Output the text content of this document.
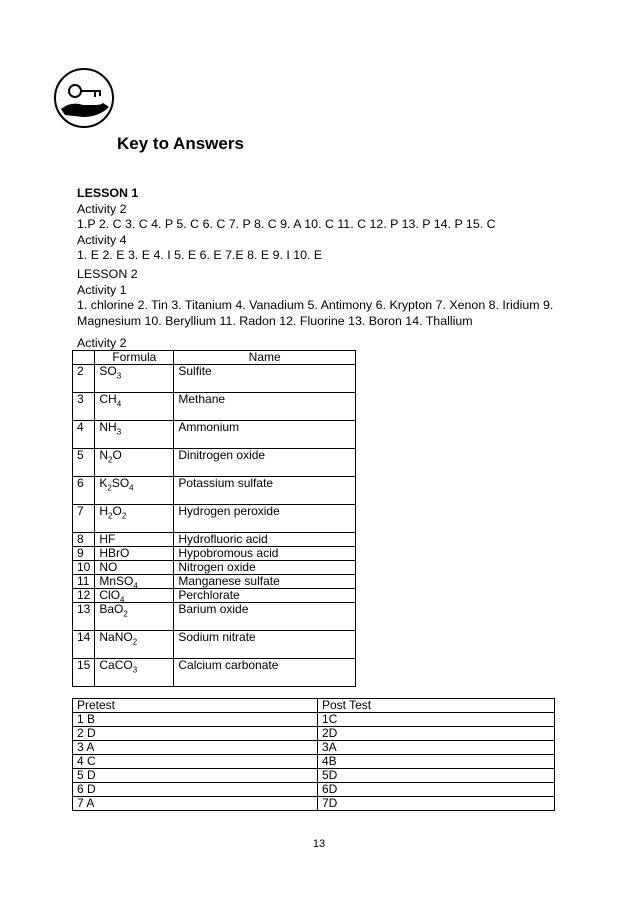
Key to Answers
LESSON 1
Activity 2
1.P 2. C 3. C 4. P 5. C 6. C 7. P 8. C 9. A 10. C 11. C 12. P 13. P 14. P 15. C
Activity 4
1. E 2. E 3. E 4. I 5. E 6. E 7.E 8. E 9. I 10. E
LESSON 2
Activity 1
1. chlorine 2. Tin 3. Titanium 4. Vanadium 5. Antimony 6. Krypton 7. Xenon 8. Iridium 9.
Magnesium 10. Beryllium 11. Radon 12. Fluorine 13. Boron 14. Thallium
Activity 2
	Formula	Name
2	$SO_3$	Sulfite
3	$CH_4$	Methane
4	$NH_3$	Ammonium
5	$N_2O$	Dinitrogen oxide
6	$K_2SO_4$	Potassium sulfate
7	$H_2O_2$	Hydrogen peroxide
8	HF	Hydrofluoric acid
9	HBrO	Hypobromous acid
10	NO	Nitrogen oxide
11	MnSO$_4$	Manganese sulfate
12	ClO$_4$	Perchlorate
13	BaO$_2$	Barium oxide
14	NaNO$_2$	Sodium nitrate
15	CaCO$_3$	Calcium carbonate
Pretest	Post Test
1 B	1C
2 D	2D
3 A	3A
4 C	4B
5 D	5D
6 D	6D
7 A	7D
13
